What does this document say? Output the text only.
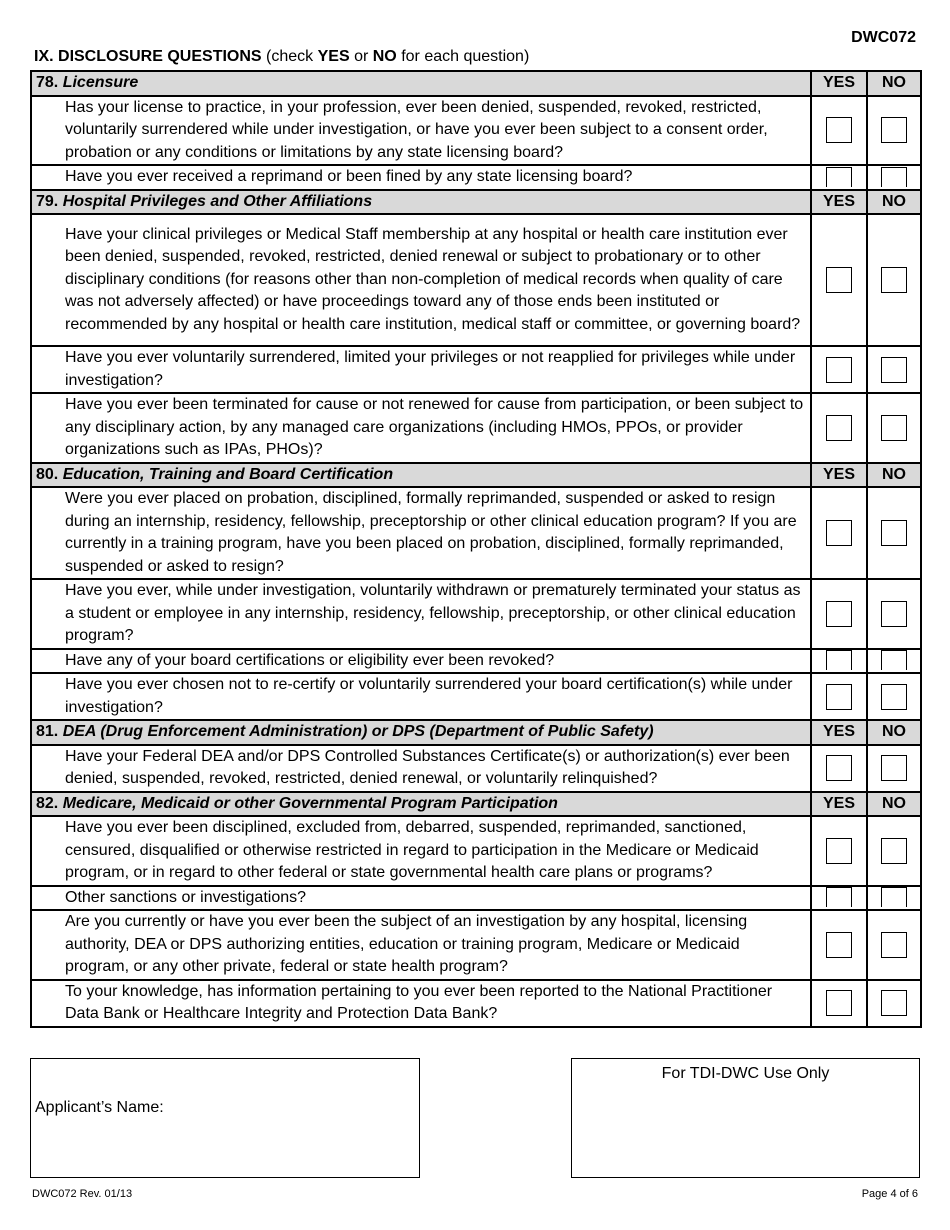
DWC072
IX. DISCLOSURE QUESTIONS (check YES or NO for each question)
78. Licensure	YES	NO
Has your license to practice, in your profession, ever been denied, suspended, revoked, restricted, voluntarily surrendered while under investigation, or have you ever been subject to a consent order, probation or any conditions or limitations by any state licensing board?		
Have you ever received a reprimand or been fined by any state licensing board?		
79. Hospital Privileges and Other Affiliations	YES	NO
Have your clinical privileges or Medical Staff membership at any hospital or health care institution ever been denied, suspended, revoked, restricted, denied renewal or subject to probationary or to other disciplinary conditions (for reasons other than non-completion of medical records when quality of care was not adversely affected) or have proceedings toward any of those ends been instituted or recommended by any hospital or health care institution, medical staff or committee, or governing board?		
Have you ever voluntarily surrendered, limited your privileges or not reapplied for privileges while under investigation?		
Have you ever been terminated for cause or not renewed for cause from participation, or been subject to any disciplinary action, by any managed care organizations (including HMOs, PPOs, or provider organizations such as IPAs, PHOs)?		
80. Education, Training and Board Certification	YES	NO
Were you ever placed on probation, disciplined, formally reprimanded, suspended or asked to resign during an internship, residency, fellowship, preceptorship or other clinical education program? If you are currently in a training program, have you been placed on probation, disciplined, formally reprimanded, suspended or asked to resign?		
Have you ever, while under investigation, voluntarily withdrawn or prematurely terminated your status as a student or employee in any internship, residency, fellowship, preceptorship, or other clinical education program?		
Have any of your board certifications or eligibility ever been revoked?		
Have you ever chosen not to re-certify or voluntarily surrendered your board certification(s) while under investigation?		
81. DEA (Drug Enforcement Administration) or DPS (Department of Public Safety)	YES	NO
Have your Federal DEA and/or DPS Controlled Substances Certificate(s) or authorization(s) ever been denied, suspended, revoked, restricted, denied renewal, or voluntarily relinquished?		
82. Medicare, Medicaid or other Governmental Program Participation	YES	NO
Have you ever been disciplined, excluded from, debarred, suspended, reprimanded, sanctioned, censured, disqualified or otherwise restricted in regard to participation in the Medicare or Medicaid program, or in regard to other federal or state governmental health care plans or programs?		
Other sanctions or investigations?		
Are you currently or have you ever been the subject of an investigation by any hospital, licensing authority, DEA or DPS authorizing entities, education or training program, Medicare or Medicaid program, or any other private, federal or state health program?		
To your knowledge, has information pertaining to you ever been reported to the National Practitioner Data Bank or Healthcare Integrity and Protection Data Bank?		
Applicant’s Name:
For TDI-DWC Use Only
DWC072 Rev. 01/13	Page 4 of 6
